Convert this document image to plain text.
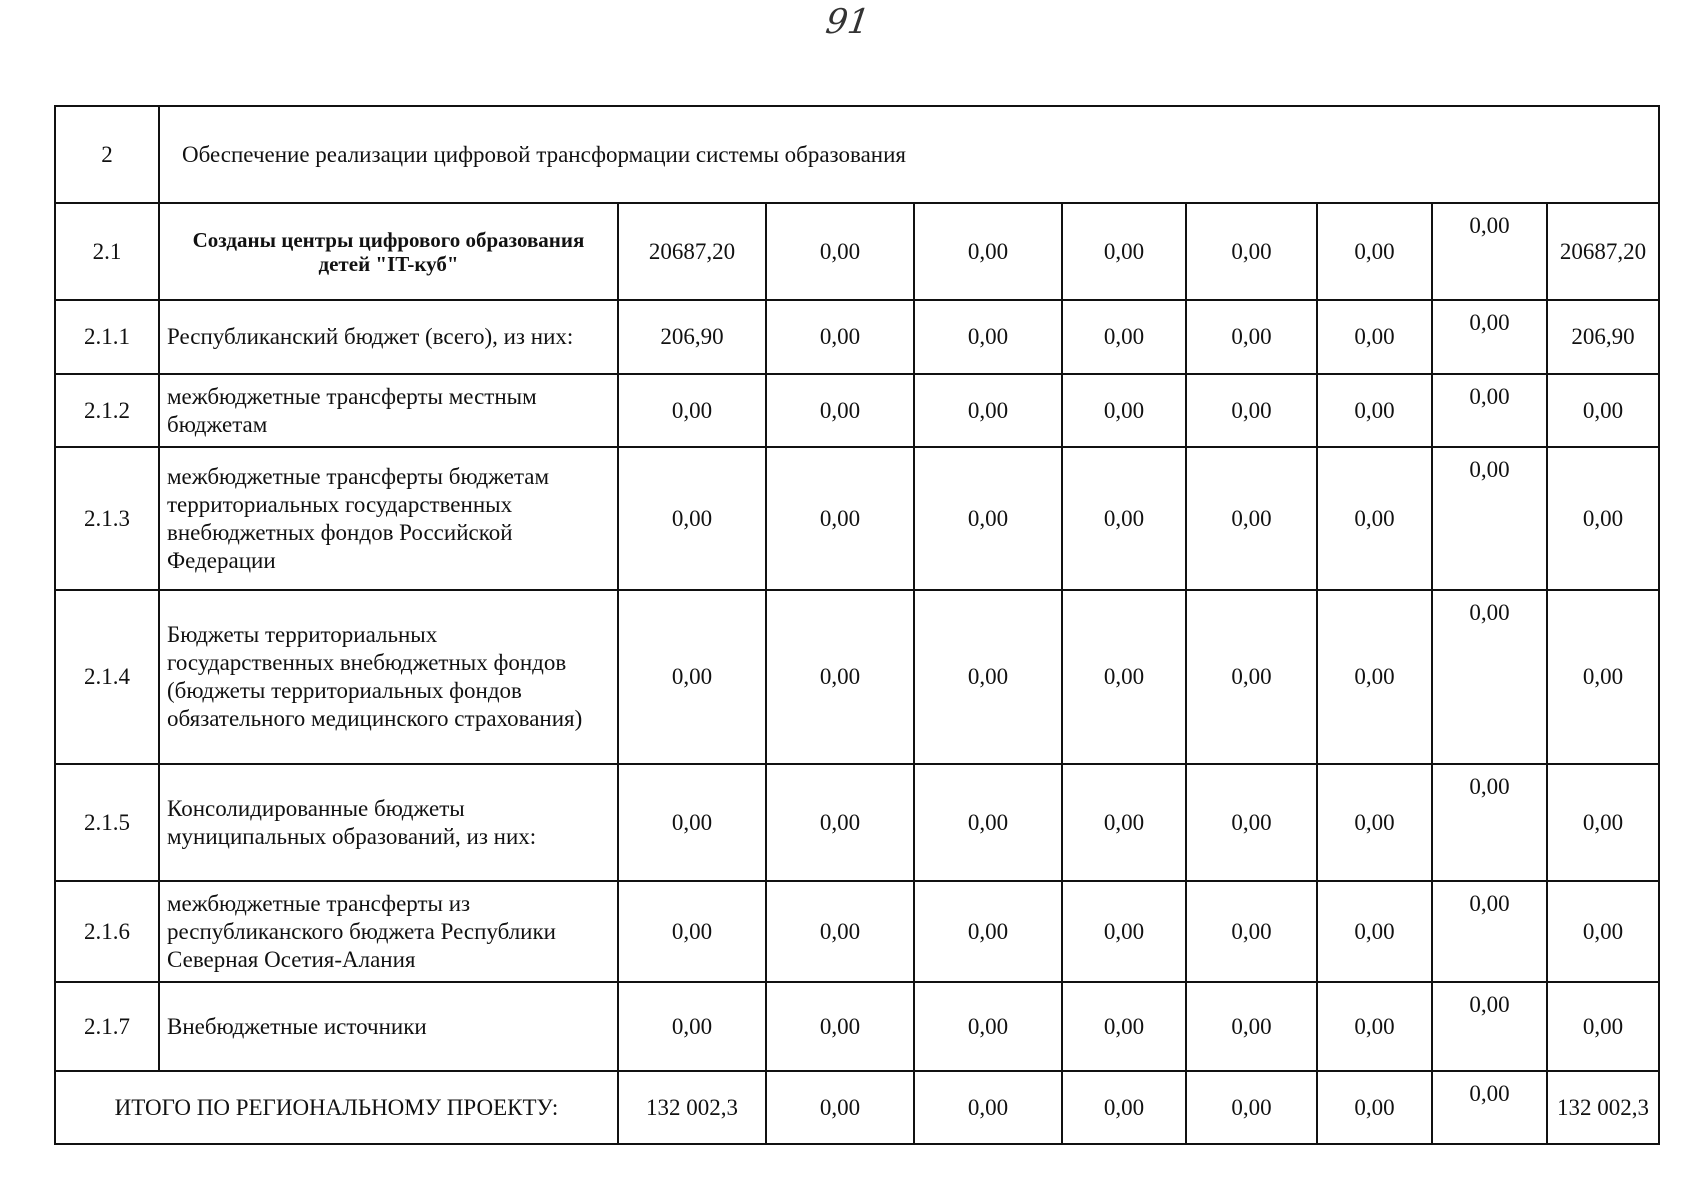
91
2	Обеспечение реализации цифровой трансформации системы образования								
2.1	Созданы центры цифрового образования детей "IT-куб"	20687,20	0,00	0,00	0,00	0,00	0,00	0,00	20687,20
2.1.1	Республиканский бюджет (всего), из них:	206,90	0,00	0,00	0,00	0,00	0,00	0,00	206,90
2.1.2	межбюджетные трансферты местным бюджетам	0,00	0,00	0,00	0,00	0,00	0,00	0,00	0,00
2.1.3	межбюджетные трансферты бюджетам территориальных государственных внебюджетных фондов Российской Федерации	0,00	0,00	0,00	0,00	0,00	0,00	0,00	0,00
2.1.4	Бюджеты территориальных государственных внебюджетных фондов (бюджеты территориальных фондов обязательного медицинского страхования)	0,00	0,00	0,00	0,00	0,00	0,00	0,00	0,00
2.1.5	Консолидированные бюджеты муниципальных образований, из них:	0,00	0,00	0,00	0,00	0,00	0,00	0,00	0,00
2.1.6	межбюджетные трансферты из республиканского бюджета Республики Северная Осетия-Алания	0,00	0,00	0,00	0,00	0,00	0,00	0,00	0,00
2.1.7	Внебюджетные источники	0,00	0,00	0,00	0,00	0,00	0,00	0,00	0,00
ИТОГО ПО РЕГИОНАЛЬНОМУ ПРОЕКТУ:		132 002,3	0,00	0,00	0,00	0,00	0,00	0,00	132 002,3
